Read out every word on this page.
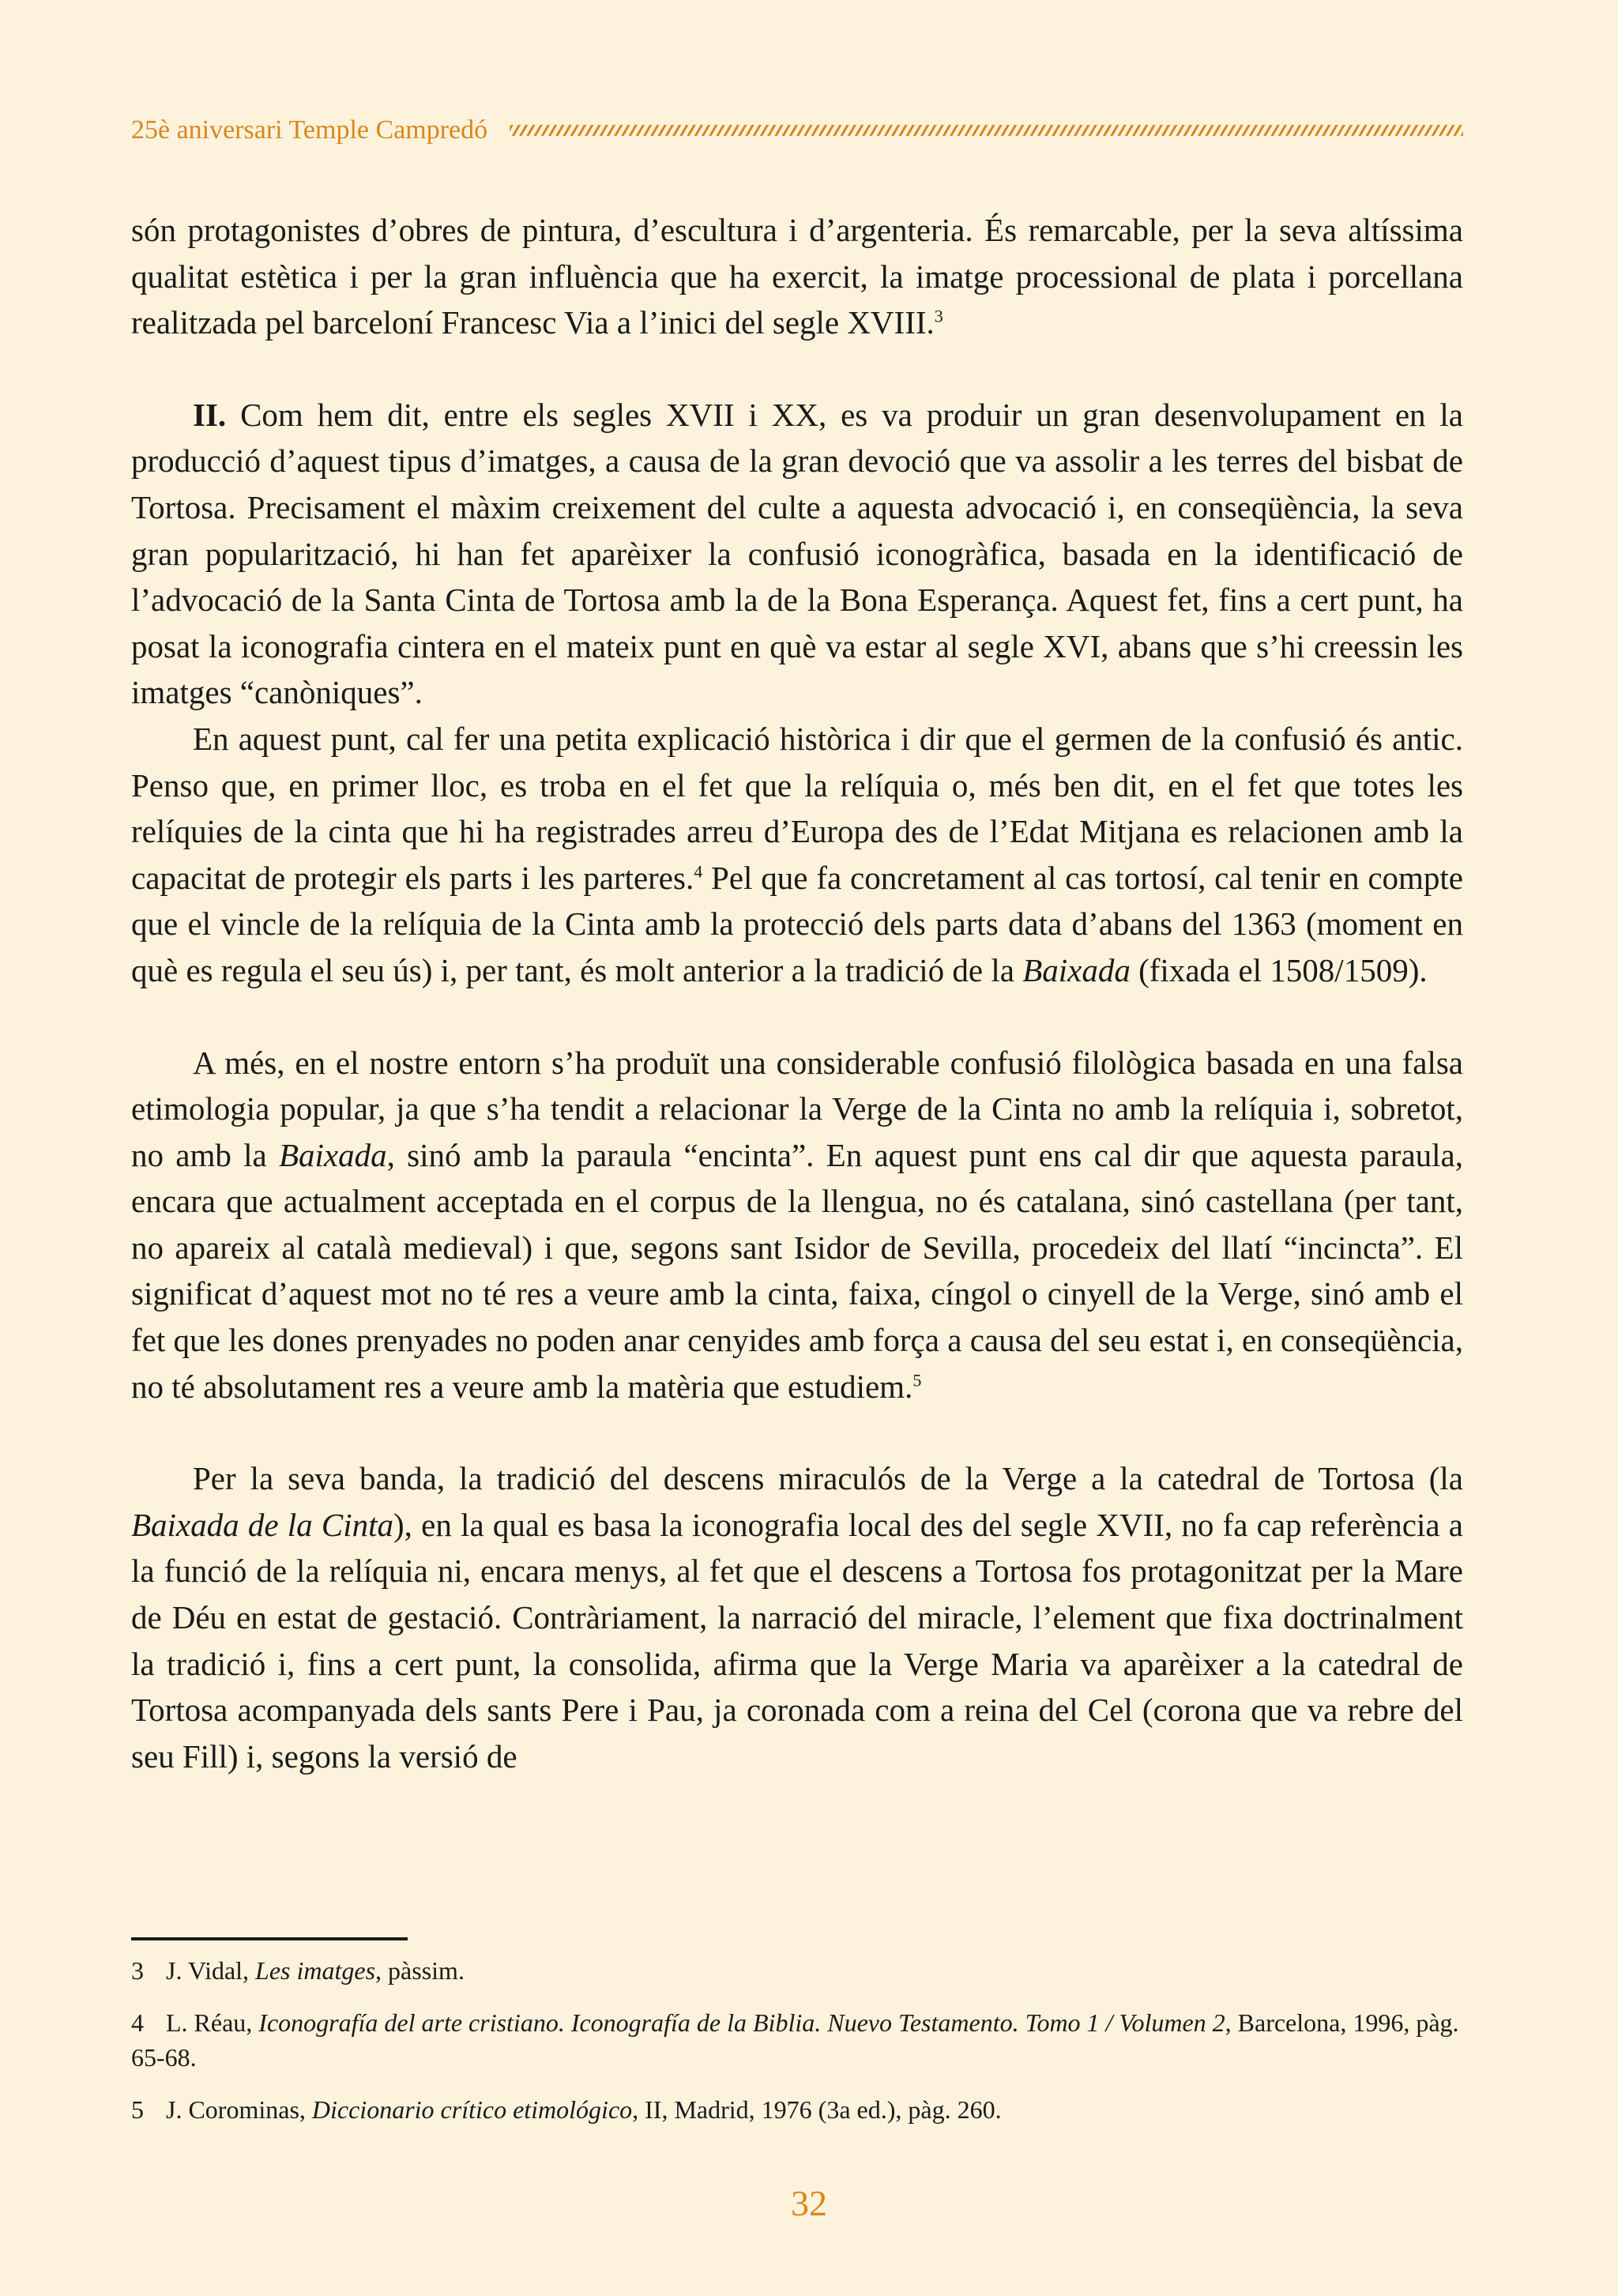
25è aniversari Temple Campredó

són protagonistes d’obres de pintura, d’escultura i d’argenteria. És remarcable, per la seva altíssima qualitat estètica i per la gran influència que ha exercit, la imatge processional de plata i porcellana realitzada pel barceloní Francesc Via a l’inici del segle XVIII.$^3$

II. Com hem dit, entre els segles XVII i XX, es va produir un gran desenvolupament en la producció d’aquest tipus d’imatges, a causa de la gran devoció que va assolir a les terres del bisbat de Tortosa. Precisament el màxim creixement del culte a aquesta advocació i, en conseqüència, la seva gran popularització, hi han fet aparèixer la confusió iconogràfica, basada en la identificació de l’advocació de la Santa Cinta de Tortosa amb la de la Bona Esperança. Aquest fet, fins a cert punt, ha posat la iconografia cintera en el mateix punt en què va estar al segle XVI, abans que s’hi creessin les imatges “canòniques”.

En aquest punt, cal fer una petita explicació històrica i dir que el germen de la confusió és antic. Penso que, en primer lloc, es troba en el fet que la relíquia o, més ben dit, en el fet que totes les relíquies de la cinta que hi ha registrades arreu d’Europa des de l’Edat Mitjana es relacionen amb la capacitat de protegir els parts i les parteres.$^4$ Pel que fa concretament al cas tortosí, cal tenir en compte que el vincle de la relíquia de la Cinta amb la protecció dels parts data d’abans del 1363 (moment en què es regula el seu ús) i, per tant, és molt anterior a la tradició de la Baixada (fixada el 1508/1509).

A més, en el nostre entorn s’ha produït una considerable confusió filològica basada en una falsa etimologia popular, ja que s’ha tendit a relacionar la Verge de la Cinta no amb la relíquia i, sobretot, no amb la Baixada, sinó amb la paraula “encinta”. En aquest punt ens cal dir que aquesta paraula, encara que actualment acceptada en el corpus de la llengua, no és catalana, sinó castellana (per tant, no apareix al català medieval) i que, segons sant Isidor de Sevilla, procedeix del llatí “incincta”. El significat d’aquest mot no té res a veure amb la cinta, faixa, cíngol o cinyell de la Verge, sinó amb el fet que les dones prenyades no poden anar cenyides amb força a causa del seu estat i, en conseqüència, no té absolutament res a veure amb la matèria que estudiem.$^5$

Per la seva banda, la tradició del descens miraculós de la Verge a la catedral de Tortosa (la Baixada de la Cinta), en la qual es basa la iconografia local des del segle XVII, no fa cap referència a la funció de la relíquia ni, encara menys, al fet que el descens a Tortosa fos protagonitzat per la Mare de Déu en estat de gestació. Contràriament, la narració del miracle, l’element que fixa doctrinalment la tradició i, fins a cert punt, la consolida, afirma que la Verge Maria va aparèixer a la catedral de Tortosa acompanyada dels sants Pere i Pau, ja coronada com a reina del Cel (corona que va rebre del seu Fill) i, segons la versió de

3 J. Vidal, Les imatges, pàssim.
4 L. Réau, Iconografía del arte cristiano. Iconografía de la Biblia. Nuevo Testamento. Tomo 1 / Volumen 2, Barcelona, 1996, pàg. 65-68.
5 J. Corominas, Diccionario crítico etimológico, II, Madrid, 1976 (3a ed.), pàg. 260.
32
